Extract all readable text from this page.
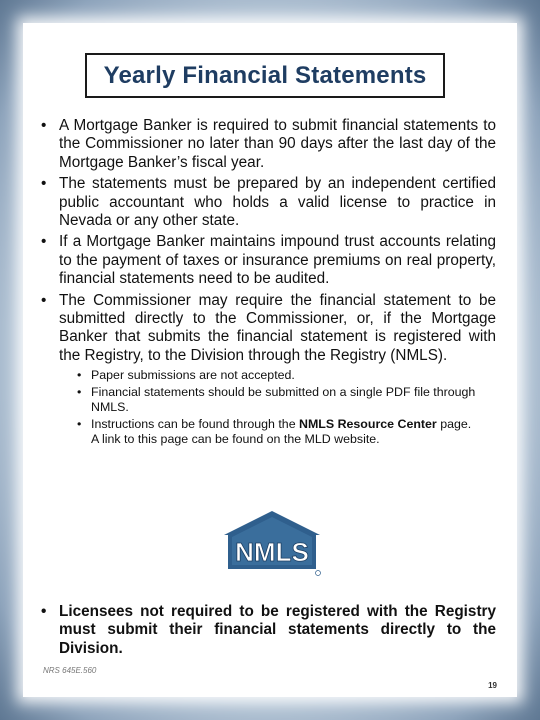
Yearly Financial Statements
• A Mortgage Banker is required to submit financial statements to the Commissioner no later than 90 days after the last day of the Mortgage Banker’s fiscal year.
• The statements must be prepared by an independent certified public accountant who holds a valid license to practice in Nevada or any other state.
• If a Mortgage Banker maintains impound trust accounts relating to the payment of taxes or insurance premiums on real property, financial statements need to be audited.
• The Commissioner may require the financial statement to be submitted directly to the Commissioner, or, if the Mortgage Banker that submits the financial statement is registered with the Registry, to the Division through the Registry (NMLS).
• Paper submissions are not accepted.
• Financial statements should be submitted on a single PDF file through NMLS.
• Instructions can be found through the NMLS Resource Center page. A link to this page can be found on the MLD website.
NMLS
• Licensees not required to be registered with the Registry must submit their financial statements directly to the Division.
NRS 645E.560
19
